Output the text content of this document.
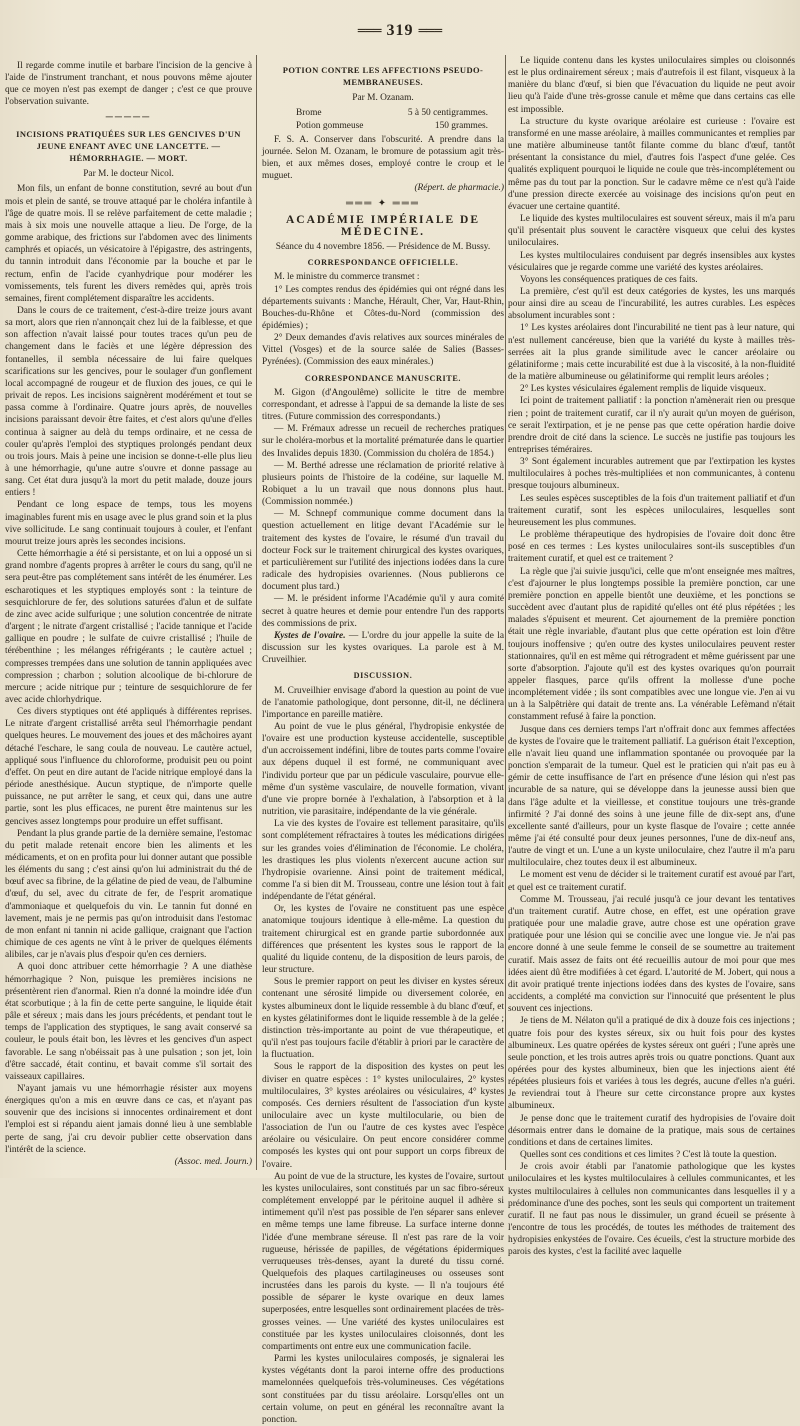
═══ 319 ═══

Il regarde comme inutile et barbare l'incision de la gencive à l'aide de l'instrument tranchant, et nous pouvons même ajouter que ce moyen n'est pas exempt de danger ; c'est ce que prouve l'observation suivante.

─────
INCISIONS PRATIQUÉES SUR LES GENCIVES D'UN JEUNE ENFANT AVEC UNE LANCETTE. — HÉMORRHAGIE. — MORT.
Par M. le docteur Nicol.

Mon fils, un enfant de bonne constitution, sevré au bout d'un mois et plein de santé, se trouve attaqué par le choléra infantile à l'âge de quatre mois. Il se relève parfaitement de cette maladie ; mais à six mois une nouvelle attaque a lieu. De l'orge, de la gomme arabique, des frictions sur l'abdomen avec des liniments camphrés et opiacés, un vésicatoire à l'épigastre, des astringents, du tannin introduit dans l'économie par la bouche et par le rectum, enfin de l'acide cyanhydrique pour modérer les vomissements, tels furent les divers remèdes qui, après trois semaines, firent complétement disparaître les accidents.

Dans le cours de ce traitement, c'est-à-dire treize jours avant sa mort, alors que rien n'annonçait chez lui de la faiblesse, et que son affection n'avait laissé pour toutes traces qu'un peu de changement dans le faciès et une légère dépression des fontanelles, il sembla nécessaire de lui faire quelques scarifications sur les gencives, pour le soulager d'un gonflement local accompagné de rougeur et de fluxion des joues, ce qui le privait de repos. Les incisions saignèrent modérément et tout se passa comme à l'ordinaire. Quatre jours après, de nouvelles incisions paraissant devoir être faites, et c'est alors qu'une d'elles continua à saigner au delà du temps ordinaire, et ne cessa de couler qu'après l'emploi des styptiques prolongés pendant deux ou trois jours. Mais à peine une incision se donne-t-elle plus lieu à une hémorrhagie, qu'une autre s'ouvre et donne passage au sang. Cet état dura jusqu'à la mort du petit malade, douze jours entiers !

Pendant ce long espace de temps, tous les moyens imaginables furent mis en usage avec le plus grand soin et la plus vive sollicitude. Le sang continuait toujours à couler, et l'enfant mourut treize jours après les secondes incisions.

Cette hémorrhagie a été si persistante, et on lui a opposé un si grand nombre d'agents propres à arrêter le cours du sang, qu'il ne sera peut-être pas complétement sans intérêt de les énumérer. Les escharotiques et les styptiques employés sont : la teinture de sesquichlorure de fer, des solutions saturées d'alun et de sulfate de zinc avec acide sulfurique ; une solution concentrée de nitrate d'argent ; le nitrate d'argent cristallisé ; l'acide tannique et l'acide gallique en poudre ; le sulfate de cuivre cristallisé ; l'huile de térébenthine ; les mélanges réfrigérants ; le cautère actuel ; compresses trempées dans une solution de tannin appliquées avec compression ; charbon ; solution alcoolique de bi-chlorure de mercure ; acide nitrique pur ; teinture de sesquichlorure de fer avec acide chlorhydrique.

Ces divers styptiques ont été appliqués à différentes reprises. Le nitrate d'argent cristallisé arrêta seul l'hémorrhagie pendant quelques heures. Le mouvement des joues et des mâchoires ayant détaché l'eschare, le sang coula de nouveau. Le cautère actuel, appliqué sous l'influence du chloroforme, produisit peu ou point d'effet. On peut en dire autant de l'acide nitrique employé dans la période anesthésique. Aucun styptique, de n'importe quelle puissance, ne put arrêter le sang, et ceux qui, dans une autre partie, sont les plus efficaces, ne purent être maintenus sur les gencives assez longtemps pour produire un effet suffisant.

Pendant la plus grande partie de la dernière semaine, l'estomac du petit malade retenait encore bien les aliments et les médicaments, et on en profita pour lui donner autant que possible les éléments du sang ; c'est ainsi qu'on lui administrait du thé de bœuf avec sa fibrine, de la gélatine de pied de veau, de l'albumine d'œuf, du sel, avec du citrate de fer, de l'esprit aromatique d'ammoniaque et quelquefois du vin. Le tannin fut donné en lavement, mais je ne permis pas qu'on introduisit dans l'estomac de mon enfant ni tannin ni acide gallique, craignant que l'action chimique de ces agents ne vînt à le priver de quelques éléments alibiles, car je n'avais plus d'espoir qu'en ces derniers.

A quoi donc attribuer cette hémorrhagie ? A une diathèse hémorrhagique ? Non, puisque les premières incisions ne présentèrent rien d'anormal. Rien n'a donné la moindre idée d'un état scorbutique ; à la fin de cette perte sanguine, le liquide était pâle et séreux ; mais dans les jours précédents, et pendant tout le temps de l'application des styptiques, le sang avait conservé sa couleur, le pouls était bon, les lèvres et les gencives d'un aspect favorable. Le sang n'obéissait pas à une pulsation ; son jet, loin d'être saccadé, était continu, et bavait comme s'il sortait des vaisseaux capillaires.

N'ayant jamais vu une hémorrhagie résister aux moyens énergiques qu'on a mis en œuvre dans ce cas, et n'ayant pas souvenir que des incisions si innocentes ordinairement et dont l'emploi est si répandu aient jamais donné lieu à une semblable perte de sang, j'ai cru devoir publier cette observation dans l'intérêt de la science.

(Assoc. med. Journ.)
POTION CONTRE LES AFFECTIONS PSEUDO-MEMBRANEUSES.
Par M. Ozanam.
Brome	5 à 50 centigrammes.
Potion gommeuse	150 grammes.

F. S. A. Conserver dans l'obscurité. A prendre dans la journée. Selon M. Ozanam, le bromure de potassium agit très-bien, et aux mêmes doses, employé contre le croup et le muguet.

(Répert. de pharmacie.)
═══ ✦ ═══
ACADÉMIE IMPÉRIALE DE MÉDECINE.
Séance du 4 novembre 1856. — Présidence de M. Bussy.
CORRESPONDANCE OFFICIELLE.

M. le ministre du commerce transmet :

1° Les comptes rendus des épidémies qui ont régné dans les départements suivants : Manche, Hérault, Cher, Var, Haut-Rhin, Bouches-du-Rhône et Côtes-du-Nord (commission des épidémies) ;

2° Deux demandes d'avis relatives aux sources minérales de Vittel (Vosges) et de la source salée de Salies (Basses-Pyrénées). (Commission des eaux minérales.)

CORRESPONDANCE MANUSCRITE.

M. Gigon (d'Angoulême) sollicite le titre de membre correspondant, et adresse à l'appui de sa demande la liste de ses titres. (Future commission des correspondants.)

— M. Frémaux adresse un recueil de recherches pratiques sur le choléra-morbus et la mortalité prématurée dans le quartier des Invalides depuis 1830. (Commission du choléra de 1854.)

— M. Berthé adresse une réclamation de priorité relative à plusieurs points de l'histoire de la codéine, sur laquelle M. Robiquet a lu un travail que nous donnons plus haut. (Commission nommée.)

— M. Schnepf communique comme document dans la question actuellement en litige devant l'Académie sur le traitement des kystes de l'ovaire, le résumé d'un travail du docteur Fock sur le traitement chirurgical des kystes ovariques, et particulièrement sur l'utilité des injections iodées dans la cure radicale des hydropisies ovariennes. (Nous publierons ce document plus tard.)

— M. le président informe l'Académie qu'il y aura comité secret à quatre heures et demie pour entendre l'un des rapports des commissions de prix.

Kystes de l'ovaire. — L'ordre du jour appelle la suite de la discussion sur les kystes ovariques. La parole est à M. Cruveilhier.

DISCUSSION.

M. Cruveilhier envisage d'abord la question au point de vue de l'anatomie pathologique, dont personne, dit-il, ne déclinera l'importance en pareille matière.

Au point de vue le plus général, l'hydropisie enkystée de l'ovaire est une production kysteuse accidentelle, susceptible d'un accroissement indéfini, libre de toutes parts comme l'ovaire aux dépens duquel il est formé, ne communiquant avec l'individu porteur que par un pédicule vasculaire, pourvue elle-même d'un système vasculaire, de nouvelle formation, vivant d'une vie propre bornée à l'exhalation, à l'absorption et à la nutrition, vie parasitaire, indépendante de la vie générale.

La vie des kystes de l'ovaire est tellement parasitaire, qu'ils sont complétement réfractaires à toutes les médications dirigées sur les grandes voies d'élimination de l'économie. Le choléra, les drastiques les plus violents n'exercent aucune action sur l'hydropisie ovarienne. Ainsi point de traitement médical, comme l'a si bien dit M. Trousseau, contre une lésion tout à fait indépendante de l'état général.

Or, les kystes de l'ovaire ne constituent pas une espèce anatomique toujours identique à elle-même. La question du traitement chirurgical est en grande partie subordonnée aux différences que présentent les kystes sous le rapport de la qualité du liquide contenu, de la disposition de leurs parois, de leur structure.

Sous le premier rapport on peut les diviser en kystes séreux contenant une sérosité limpide ou diversement colorée, en kystes albumineux dont le liquide ressemble à du blanc d'œuf, et en kystes gélatiniformes dont le liquide ressemble à de la gelée ; distinction très-importante au point de vue thérapeutique, et qu'il n'est pas toujours facile d'établir à priori par le caractère de la fluctuation.

Sous le rapport de la disposition des kystes on peut les diviser en quatre espèces : 1° kystes uniloculaires, 2° kystes multiloculaires, 3° kystes aréolaires ou vésiculaires, 4° kystes composés. Ces derniers résultent de l'association d'un kyste uniloculaire avec un kyste multilocularie, ou bien de l'association de l'un ou l'autre de ces kystes avec l'espèce aréolaire ou vésiculaire. On peut encore considérer comme composés les kystes qui ont pour support un corps fibreux de l'ovaire.

Au point de vue de la structure, les kystes de l'ovaire, surtout les kystes uniloculaires, sont constitués par un sac fibro-séreux complétement enveloppé par le péritoine auquel il adhère si intimement qu'il n'est pas possible de l'en séparer sans enlever en même temps une lame fibreuse. La surface interne donne l'idée d'une membrane séreuse. Il n'est pas rare de la voir rugueuse, hérissée de papilles, de végétations épidermiques verruqueuses très-denses, ayant la dureté du tissu corné. Quelquefois des plaques cartilagineuses ou osseuses sont incrustées dans les parois du kyste. — Il n'a toujours été possible de séparer le kyste ovarique en deux lames superposées, entre lesquelles sont ordinairement placées de très-grosses veines. — Une variété des kystes uniloculaires est constituée par les kystes uniloculaires cloisonnés, dont les compartiments ont entre eux une communication facile.

Parmi les kystes uniloculaires composés, je signalerai les kystes végétants dont la paroi interne offre des productions mamelonnées quelquefois très-volumineuses. Ces végétations sont constituées par du tissu aréolaire. Lorsqu'elles ont un certain volume, on peut en général les reconnaître avant la ponction.

Le liquide contenu dans les kystes uniloculaires simples ou cloisonnés est le plus ordinairement séreux ; mais d'autrefois il est filant, visqueux à la manière du blanc d'œuf, si bien que l'évacuation du liquide ne peut avoir lieu qu'à l'aide d'une très-grosse canule et même que dans certains cas elle est impossible.

La structure du kyste ovarique aréolaire est curieuse : l'ovaire est transformé en une masse aréolaire, à mailles communicantes et remplies par une matière albumineuse tantôt filante comme du blanc d'œuf, tantôt présentant la consistance du miel, d'autres fois l'aspect d'une gelée. Ces qualités expliquent pourquoi le liquide ne coule que très-incomplétement ou même pas du tout par la ponction. Sur le cadavre même ce n'est qu'à l'aide d'une pression directe exercée au voisinage des incisions qu'on peut en évacuer une certaine quantité.

Le liquide des kystes multiloculaires est souvent séreux, mais il m'a paru qu'il présentait plus souvent le caractère visqueux que celui des kystes uniloculaires.

Les kystes multiloculaires conduisent par degrés insensibles aux kystes vésiculaires que je regarde comme une variété des kystes aréolaires.

Voyons les conséquences pratiques de ces faits.

La première, c'est qu'il est deux catégories de kystes, les uns marqués pour ainsi dire au sceau de l'incurabilité, les autres curables. Les espèces absolument incurables sont :

1° Les kystes aréolaires dont l'incurabilité ne tient pas à leur nature, qui n'est nullement cancéreuse, bien que la variété du kyste à mailles très-serrées ait la plus grande similitude avec le cancer aréolaire ou gélatiniforme ; mais cette incurabilité est due à la viscosité, à la non-fluidité de la matière albumineuse ou gélatiniforme qui remplit leurs aréoles ;

2° Les kystes vésiculaires également remplis de liquide visqueux.

Ici point de traitement palliatif : la ponction n'amènerait rien ou presque rien ; point de traitement curatif, car il n'y aurait qu'un moyen de guérison, ce serait l'extirpation, et je ne pense pas que cette opération hardie doive prendre droit de cité dans la science. Le succès ne justifie pas toujours les entreprises téméraires.

3° Sont également incurables autrement que par l'extirpation les kystes multiloculaires à poches très-multipliées et non communicantes, à contenu presque toujours albumineux.

Les seules espèces susceptibles de la fois d'un traitement palliatif et d'un traitement curatif, sont les espèces uniloculaires, lesquelles sont heureusement les plus communes.

Le problème thérapeutique des hydropisies de l'ovaire doit donc être posé en ces termes : Les kystes uniloculaires sont-ils susceptibles d'un traitement curatif, et quel est ce traitement ?

La règle que j'ai suivie jusqu'ici, celle que m'ont enseignée mes maîtres, c'est d'ajourner le plus longtemps possible la première ponction, car une première ponction en appelle bientôt une deuxième, et les ponctions se succèdent avec d'autant plus de rapidité qu'elles ont été plus répétées ; les malades s'épuisent et meurent. Cet ajournement de la première ponction était une règle invariable, d'autant plus que cette opération est loin d'être toujours inoffensive ; qu'en outre des kystes uniloculaires peuvent rester stationnaires, qu'il en est même qui rétrogradent et même guérissent par une sorte d'absorption. J'ajoute qu'il est des kystes ovariques qu'on pourrait appeler flasques, parce qu'ils offrent la mollesse d'une poche incomplétement vidée ; ils sont compatibles avec une longue vie. J'en ai vu un à la Salpêtrière qui datait de trente ans. La vénérable Lefèmand n'était constamment refusé à faire la ponction.

Jusque dans ces derniers temps l'art n'offrait donc aux femmes affectées de kystes de l'ovaire que le traitement palliatif. La guérison était l'exception, elle n'avait lieu quand une inflammation spontanée ou provoquée par la ponction s'emparait de la tumeur. Quel est le praticien qui n'ait pas eu à gémir de cette insuffisance de l'art en présence d'une lésion qui n'est pas incurable de sa nature, qui se développe dans la jeunesse aussi bien que dans l'âge adulte et la vieillesse, et constitue toujours une très-grande infirmité ? J'ai donné des soins à une jeune fille de dix-sept ans, d'une excellente santé d'ailleurs, pour un kyste flasque de l'ovaire ; cette année même j'ai été consulté pour deux jeunes personnes, l'une de dix-neuf ans, l'autre de vingt et un. L'une a un kyste uniloculaire, chez l'autre il m'a paru multiloculaire, chez toutes deux il est albumineux.

Le moment est venu de décider si le traitement curatif est avoué par l'art, et quel est ce traitement curatif.

Comme M. Trousseau, j'ai reculé jusqu'à ce jour devant les tentatives d'un traitement curatif. Autre chose, en effet, est une opération grave pratiquée pour une maladie grave, autre chose est une opération grave pratiquée pour une lésion qui se concilie avec une longue vie. Je n'ai pas encore donné à une seule femme le conseil de se soumettre au traitement curatif. Mais assez de faits ont été recueillis autour de moi pour que mes idées aient dû être modifiées à cet égard. L'autorité de M. Jobert, qui nous a dit avoir pratiqué trente injections iodées dans des kystes de l'ovaire, sans accidents, a complété ma conviction sur l'innocuité que présentent le plus souvent ces injections.

Je tiens de M. Nélaton qu'il a pratiqué de dix à douze fois ces injections ; quatre fois pour des kystes séreux, six ou huit fois pour des kystes albumineux. Les quatre opérées de kystes séreux ont guéri ; l'une après une seule ponction, et les trois autres après trois ou quatre ponctions. Quant aux opérées pour des kystes albumineux, bien que les injections aient été répétées plusieurs fois et variées à tous les degrés, aucune d'elles n'a guéri. Je reviendrai tout à l'heure sur cette circonstance propre aux kystes albumineux.

Je pense donc que le traitement curatif des hydropisies de l'ovaire doit désormais entrer dans le domaine de la pratique, mais sous de certaines conditions et dans de certaines limites.

Quelles sont ces conditions et ces limites ? C'est là toute la question.

Je crois avoir établi par l'anatomie pathologique que les kystes uniloculaires et les kystes multiloculaires à cellules communicantes, et les kystes multiloculaires à cellules non communicantes dans lesquelles il y a prédominance d'une des poches, sont les seuls qui comportent un traitement curatif. Il ne faut pas nous le dissimuler, un grand écueil se présente à l'encontre de tous les procédés, de toutes les méthodes de traitement des hydropisies enkystées de l'ovaire. Ces écueils, c'est la structure morbide des parois des kystes, c'est la facilité avec laquelle
